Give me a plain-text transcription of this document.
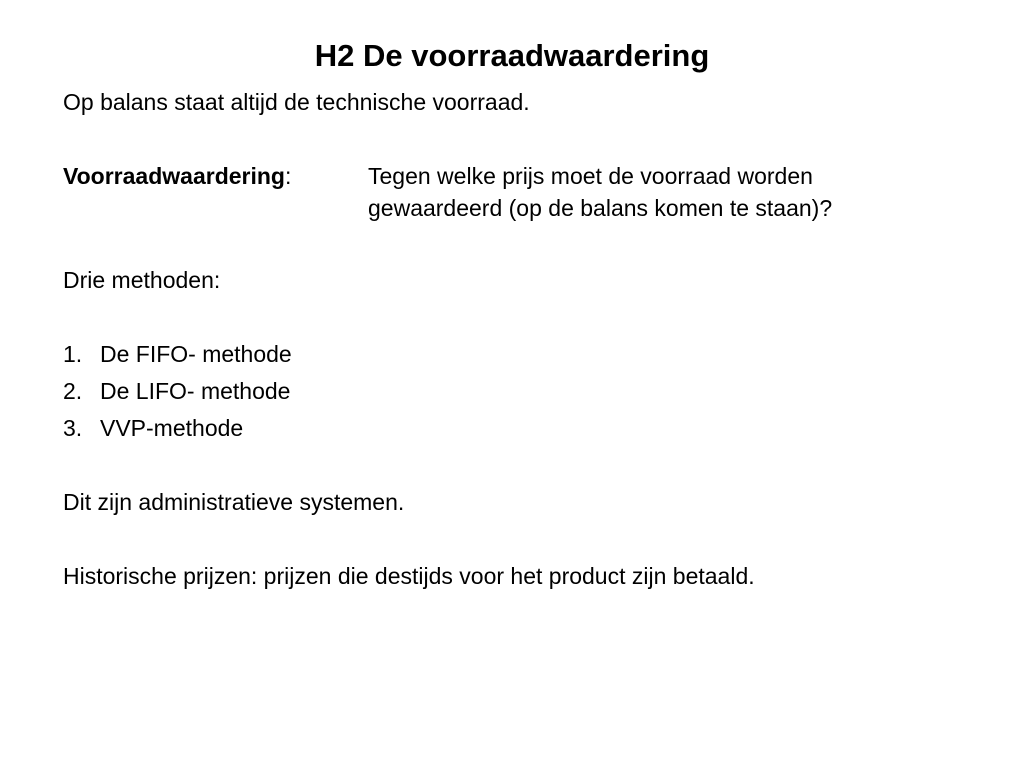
H2 De voorraadwaardering
Op balans staat altijd de technische voorraad.
Voorraadwaardering:	Tegen welke prijs moet de voorraad worden
gewaardeerd (op de balans komen te staan)?
Drie methoden:
1. De FIFO- methode
2. De LIFO- methode
3. VVP-methode
Dit zijn administratieve systemen.
Historische prijzen: prijzen die destijds voor het product zijn betaald.
